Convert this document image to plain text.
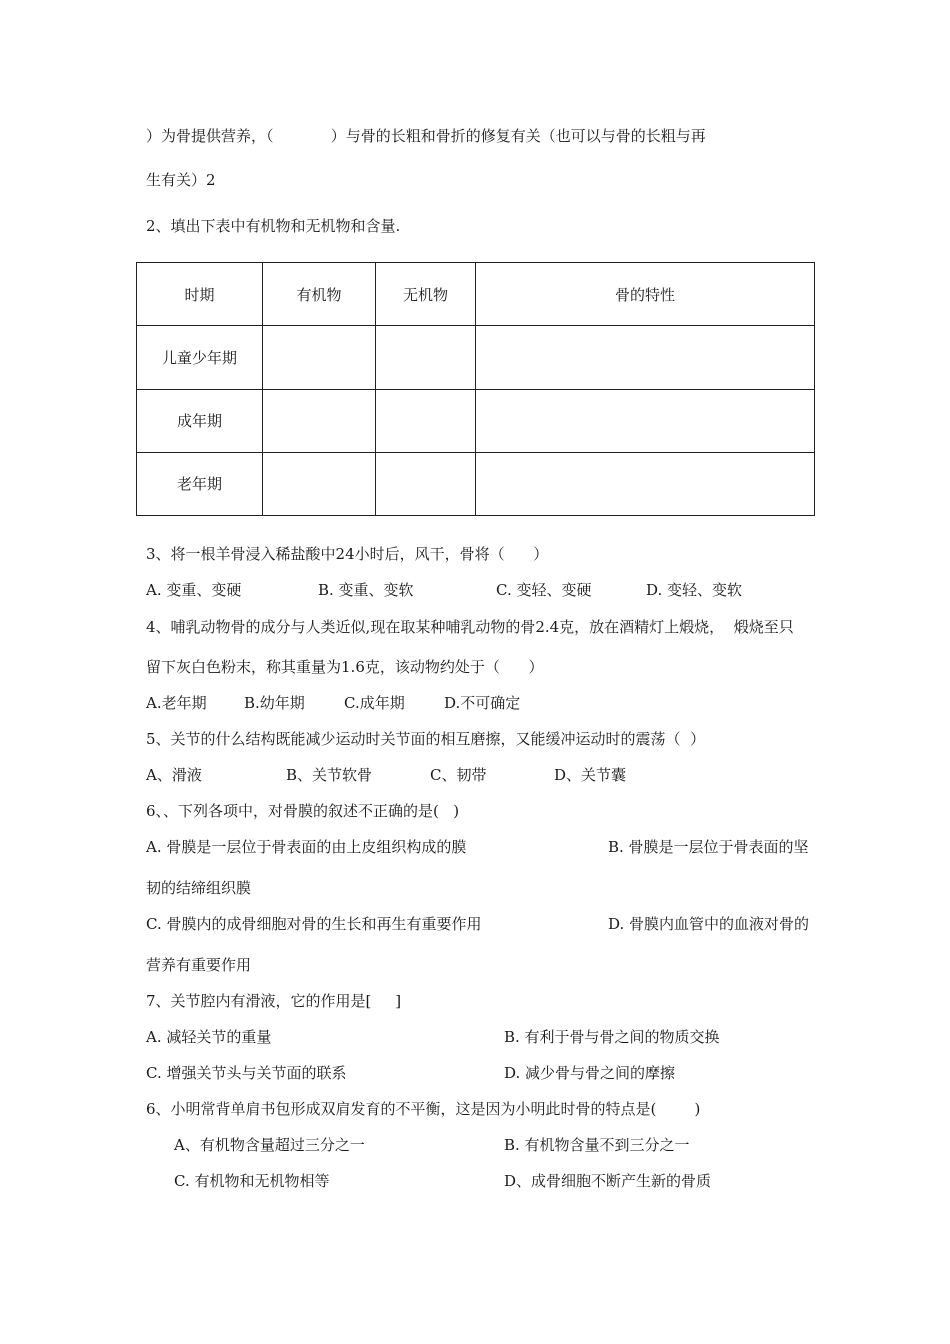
）为骨提供营养，（            ）与骨的长粗和骨折的修复有关（也可以与骨的长粗与再
生有关）2
2、填出下表中有机物和无机物和含量.
时期	有机物	无机物	骨的特性
儿童少年期			
成年期			
老年期			
3、将一根羊骨浸入稀盐酸中24小时后，风干，骨将（      ）
A. 变重、变硬	B. 变重、变软	C. 变轻、变硬	D. 变轻、变软
4、哺乳动物骨的成分与人类近似,现在取某种哺乳动物的骨2.4克，放在酒精灯上煅烧，  煅烧至只
留下灰白色粉末，称其重量为1.6克，该动物约处于（      ）
A.老年期 B.幼年期	C.成年期	D.不可确定
5、关节的什么结构既能减少运动时关节面的相互磨擦，又能缓冲运动时的震荡（  ）
A、滑液	B、关节软骨	C、韧带	D、关节囊
6、、下列各项中，对骨膜的叙述不正确的是(   )
A. 骨膜是一层位于骨表面的由上皮组织构成的膜	B. 骨膜是一层位于骨表面的坚
韧的结缔组织膜
C. 骨膜内的成骨细胞对骨的生长和再生有重要作用	D. 骨膜内血管中的血液对骨的
营养有重要作用
7、关节腔内有滑液，它的作用是[     ]
A. 减轻关节的重量	B. 有利于骨与骨之间的物质交换
C. 增强关节头与关节面的联系	D. 减少骨与骨之间的摩擦
6、小明常背单肩书包形成双肩发育的不平衡，这是因为小明此时骨的特点是(        )
A、有机物含量超过三分之一	B. 有机物含量不到三分之一
C. 有机物和无机物相等	D、成骨细胞不断产生新的骨质
